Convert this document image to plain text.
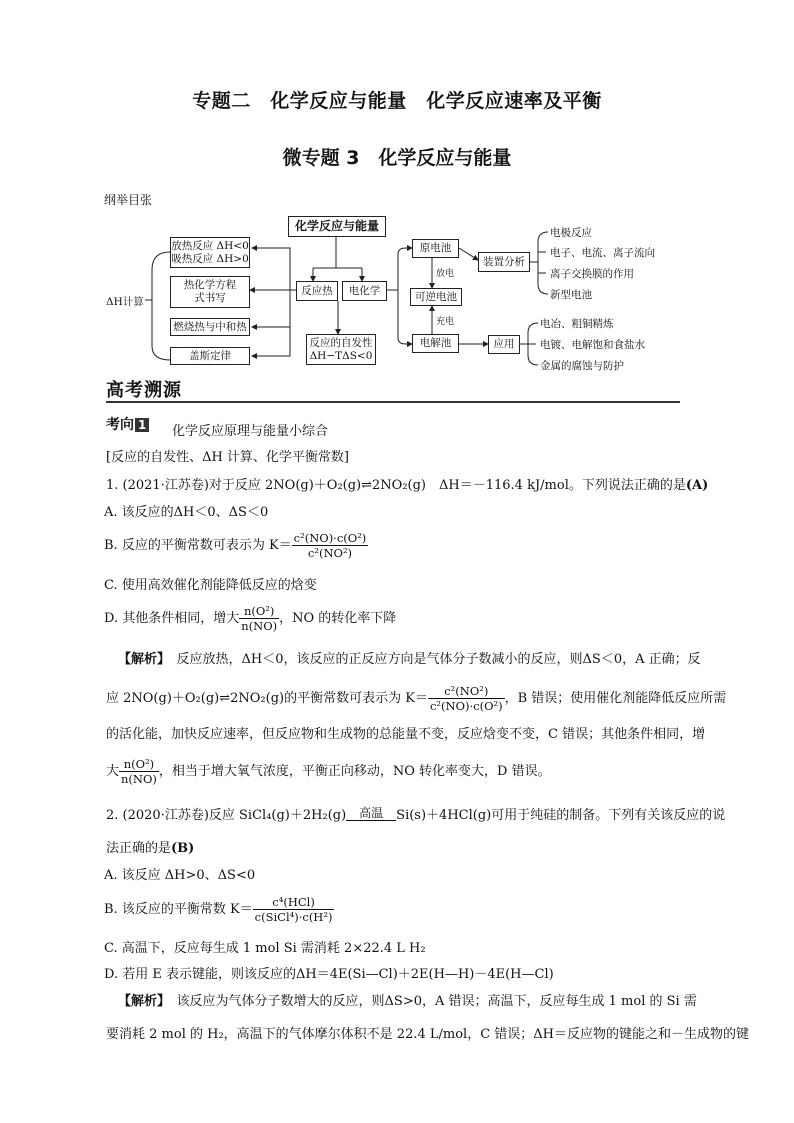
专题二　化学反应与能量　化学反应速率及平衡
微专题 3　化学反应与能量
纲举目张
化学反应与能量
ΔH计算
放热反应 ΔH<0
吸热反应 ΔH>0
热化学方程式书写
燃烧热与中和热
盖斯定律
反应热	电化学
反应的自发性
ΔH−TΔS<0
原电池
可逆电池
电解池
放电
充电
装置分析
应用
电极反应
电子、电流、离子流向
离子交换膜的作用
新型电池
电冶、粗铜精炼
电镀、电解饱和食盐水
金属的腐蚀与防护
高考溯源
考向 1 化学反应原理与能量小综合
[反应的自发性、ΔH 计算、化学平衡常数]
1. (2021·江苏卷)对于反应 2NO(g)＋O₂(g)⇌2NO₂(g)　ΔH＝－116.4 kJ/mol。下列说法正确的是(A)
A. 该反应的ΔH＜0、ΔS＜0
B. 反应的平衡常数可表示为 $K= \frac{\text{c²(NO)·c(O²)}}{\text{c²(NO²)}}$
C. 使用高效催化剂能降低反应的焓变
D. 其他条件相同，增大 $\frac{\text{n(O²)}}{n(NO)}$ ，NO 的转化率下降
【解析】　 反应放热，ΔH＜0，该反应的正反应方向是气体分子数减小的反应，则ΔS＜0，A 正确；反
应 2NO(g)＋O₂(g)⇌2NO₂(g)的平衡常数可表示为 $K= \frac{\text{c²(NO²)}}{\text{c²(NO)·c(O²)}}$ ，B 错误；使用催化剂能降低反应所需
的活化能，加快反应速率，但反应物和生成物的总能量不变，反应焓变不变，C 错误；其他条件相同，增
大 $\frac{\text{n(O²)}}{n(NO)}$ ，相当于增大氧气浓度，平衡正向移动，NO 转化率变大，D 错误。
2. (2020·江苏卷)反应 SiCl₄(g)＋2H₂(g)	高温	Si(s)＋4HCl(g)可用于纯硅的制备。下列有关该反应的说
法正确的是(B)
A. 该反应 ΔH>0、ΔS<0
B. 该反应的平衡常数 $K= \frac{\text{c⁴(HCl)}}{\text{c(SiCl⁴)·c(H²)}}$
C. 高温下，反应每生成 1 mol Si 需消耗 2×22.4 L H₂
D. 若用 E 表示键能，则该反应的ΔH＝4E(Si—Cl)＋2E(H—H)－4E(H—Cl)
【解析】　 该反应为气体分子数增大的反应，则ΔS>0，A 错误；高温下，反应每生成 1 mol 的 Si 需
要消耗 2 mol 的 H₂，高温下的气体摩尔体积不是 22.4 L/mol，C 错误；ΔH＝反应物的键能之和－生成物的键
